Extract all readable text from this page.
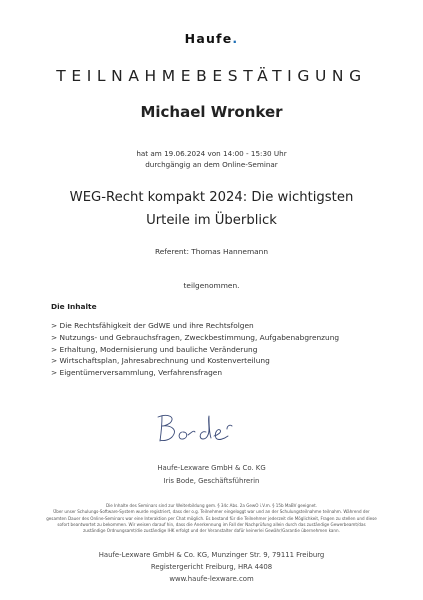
Haufe.
TEILNAHMEBESTÄTIGUNG
Michael Wronker
hat am 19.06.2024 von 14:00 - 15:30 Uhr
durchgängig an dem Online-Seminar
WEG-Recht kompakt 2024: Die wichtigsten
Urteile im Überblick
Referent: Thomas Hannemann
teilgenommen.
Die Inhalte
> Die Rechtsfähigkeit der GdWE und ihre Rechtsfolgen
> Nutzungs- und Gebrauchsfragen, Zweckbestimmung, Aufgabenabgrenzung
> Erhaltung, Modernisierung und bauliche Veränderung
> Wirtschaftsplan, Jahresabrechnung und Kostenverteilung
> Eigentümerversammlung, Verfahrensfragen
Haufe-Lexware GmbH & Co. KG
Iris Bode, Geschäftsführerin
Die Inhalte des Seminars sind zur Weiterbildung gem. § 34c Abs. 2a GewO i.V.m. § 15b MaBV geeignet.
Über unser Schulungs-Software-System wurde registriert, dass der o.g. Teilnehmer eingeloggt war und an der Schulungsteilnahme teilnahm. Während der
gesamten Dauer des Online-Seminars war eine Interaktion per Chat möglich. Es bestand für die Teilnehmer jederzeit die Möglichkeit, Fragen zu stellen und diese
sofort beantwortet zu bekommen. Wir weisen darauf hin, dass die Anerkennung im Fall der Nachprüfung allein durch das zuständige Gewerbeamt/das
zuständige Ordnungsamt/die zuständige IHK erfolgt und der Veranstalter dafür keinerlei Gewähr/Garantie übernehmen kann.
Haufe-Lexware GmbH & Co. KG, Munzinger Str. 9, 79111 Freiburg
Registergericht Freiburg, HRA 4408
www.haufe-lexware.com
